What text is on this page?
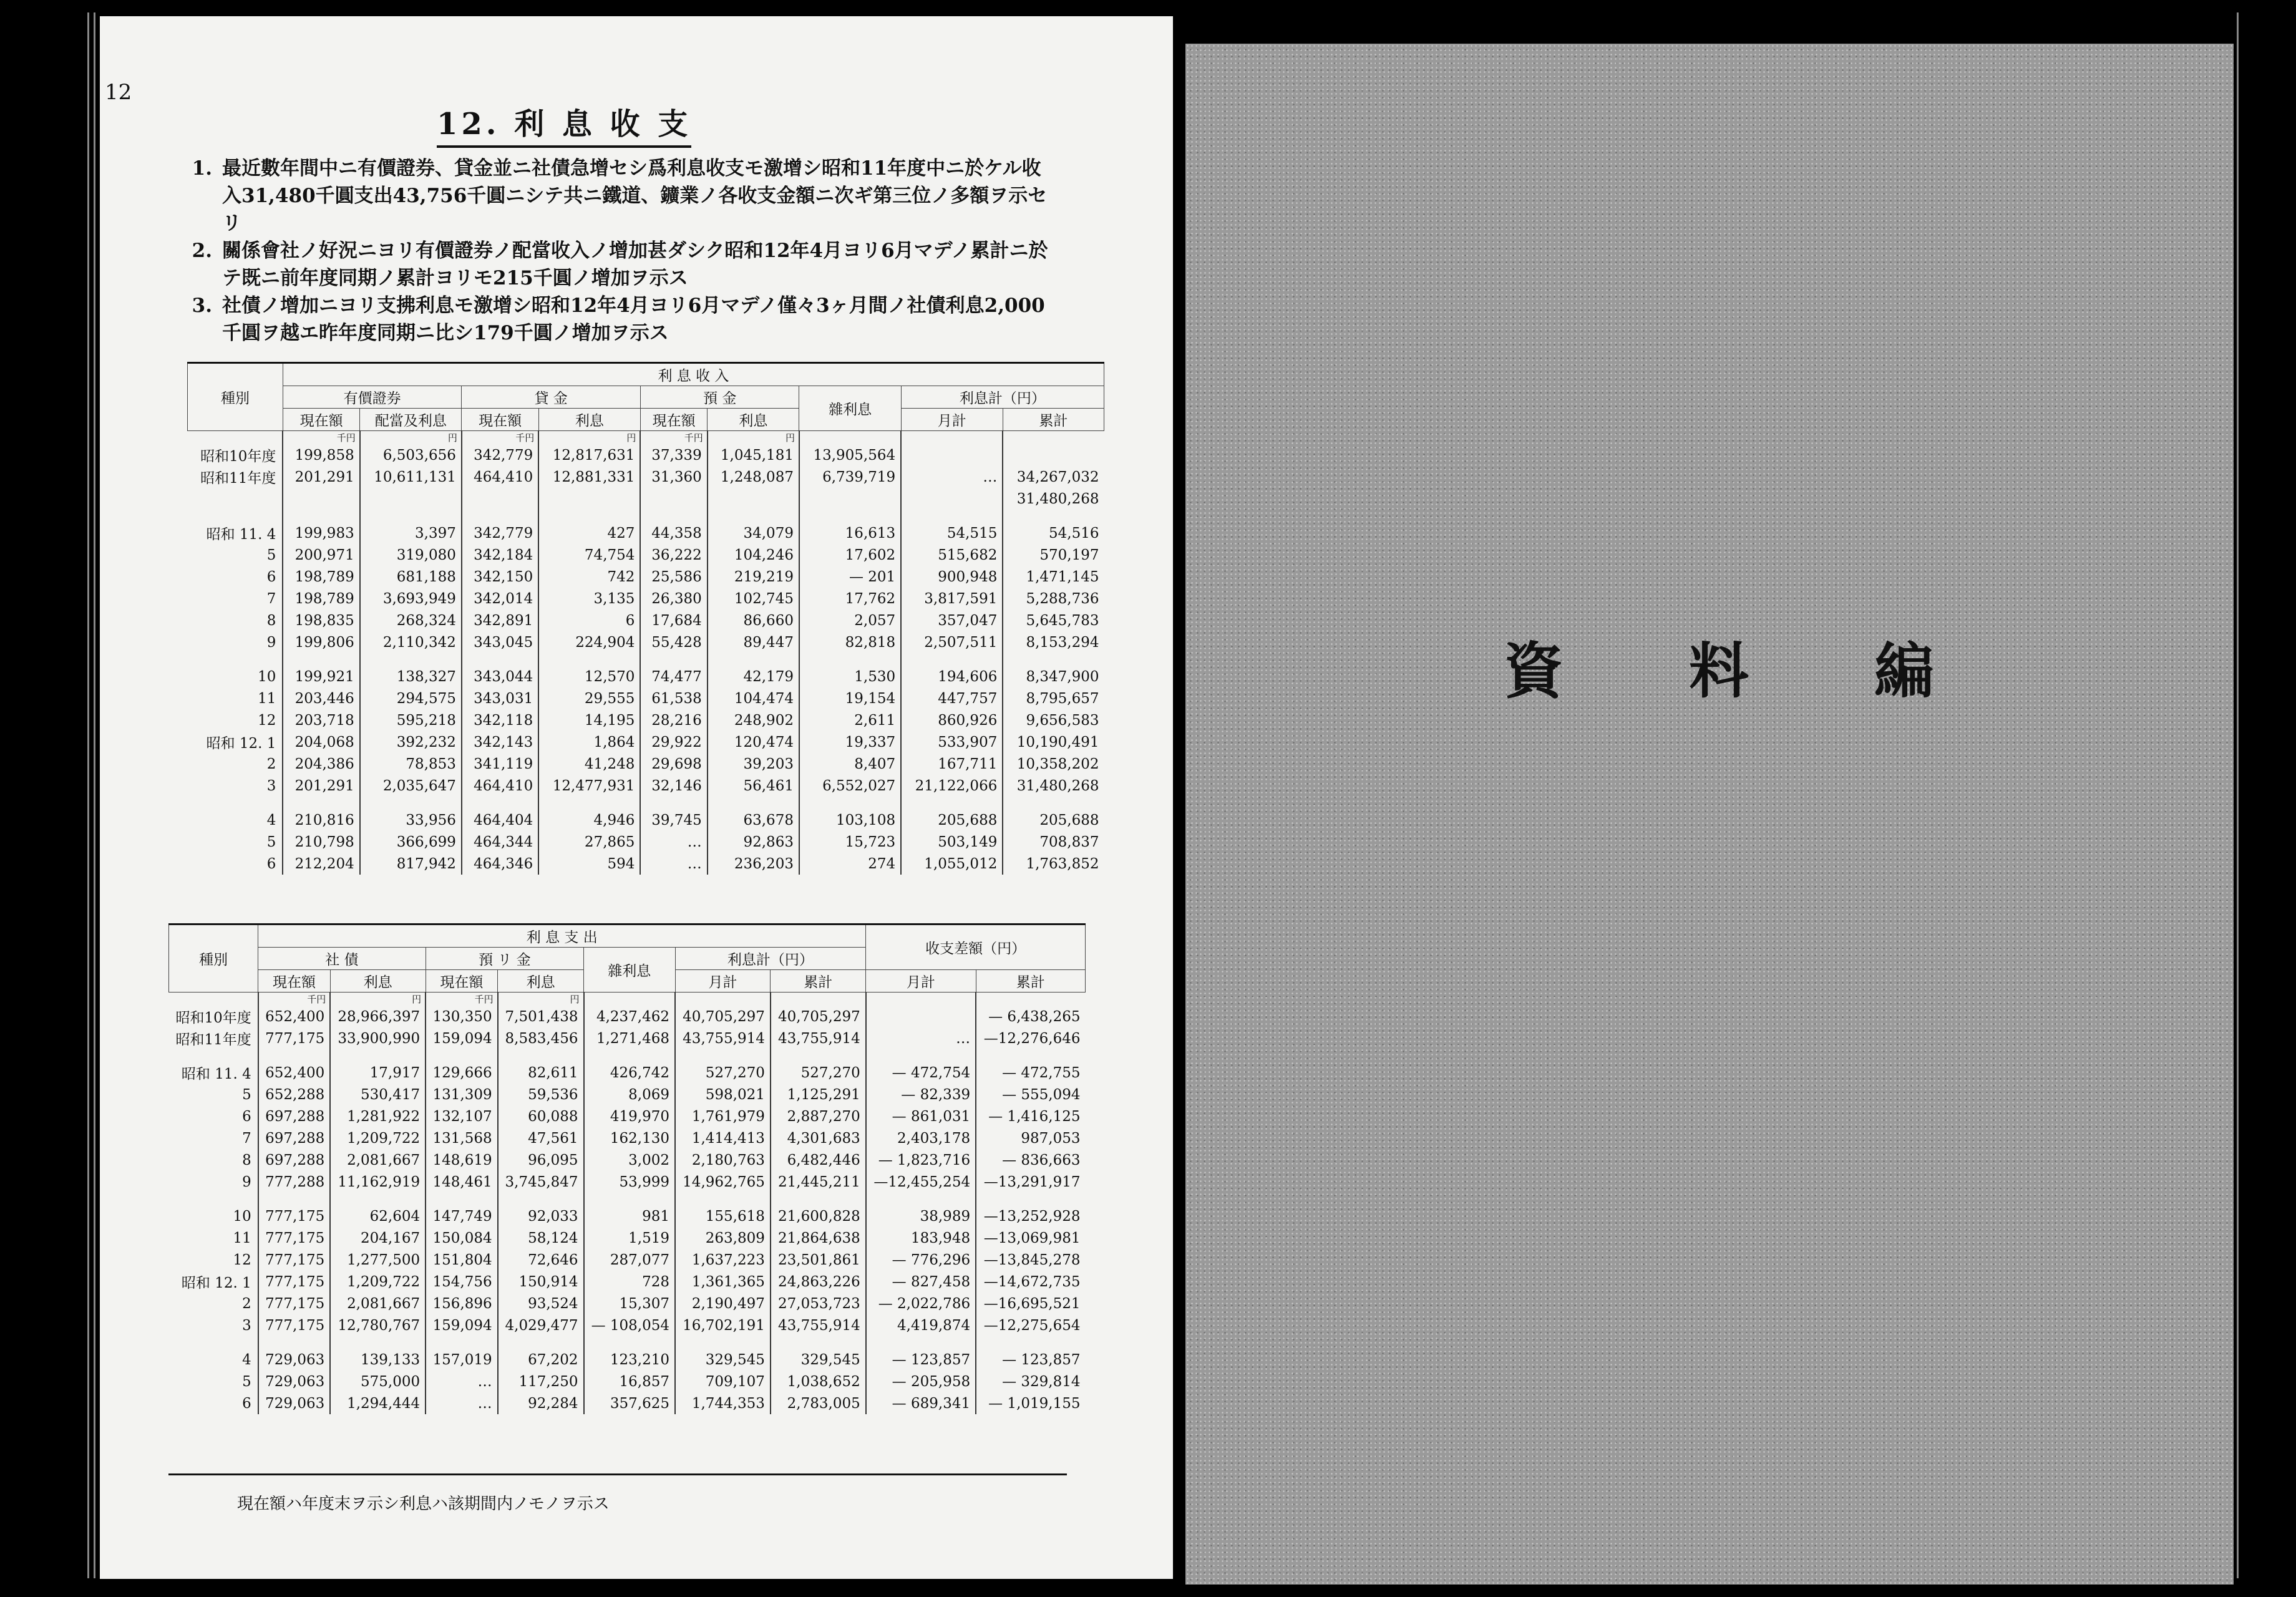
12
12. 利 息 收 支
1. 最近數年間中ニ有價證券、貸金並ニ社債急增セシ爲利息收支モ激增シ昭和11年度中ニ於ケル收入31,480千圓支出43,756千圓ニシテ共ニ鐵道、鑛業ノ各收支金額ニ次ギ第三位ノ多額ヲ示セリ
2. 關係會社ノ好況ニヨリ有價證券ノ配當收入ノ增加甚ダシク昭和12年4月ヨリ6月マデノ累計ニ於テ既ニ前年度同期ノ累計ヨリモ215千圓ノ增加ヲ示ス
3. 社債ノ增加ニヨリ支拂利息モ激增シ昭和12年4月ヨリ6月マデノ僅々3ヶ月間ノ社債利息2,000千圓ヲ越エ昨年度同期ニ比シ179千圓ノ增加ヲ示ス
種別	利 息 收 入								
	有價證券		貸 金		預 金		雜利息	利息計（円）	
	現在額	配當及利息	現在額	利息	現在額	利息		月計	累計
	千円	円	千円	円	千円	円			
昭和10年度	199,858	6,503,656	342,779	12,817,631	37,339	1,045,181	13,905,564		
昭和11年度	201,291	10,611,131	464,410	12,881,331	31,360	1,248,087	6,739,719	…	34,267,032
									31,480,268
昭和 11. 4	199,983	3,397	342,779	427	44,358	34,079	16,613	54,515	54,516
5	200,971	319,080	342,184	74,754	36,222	104,246	17,602	515,682	570,197
6	198,789	681,188	342,150	742	25,586	219,219	— 201	900,948	1,471,145
7	198,789	3,693,949	342,014	3,135	26,380	102,745	17,762	3,817,591	5,288,736
8	198,835	268,324	342,891	6	17,684	86,660	2,057	357,047	5,645,783
9	199,806	2,110,342	343,045	224,904	55,428	89,447	82,818	2,507,511	8,153,294
10	199,921	138,327	343,044	12,570	74,477	42,179	1,530	194,606	8,347,900
11	203,446	294,575	343,031	29,555	61,538	104,474	19,154	447,757	8,795,657
12	203,718	595,218	342,118	14,195	28,216	248,902	2,611	860,926	9,656,583
昭和 12. 1	204,068	392,232	342,143	1,864	29,922	120,474	19,337	533,907	10,190,491
2	204,386	78,853	341,119	41,248	29,698	39,203	8,407	167,711	10,358,202
3	201,291	2,035,647	464,410	12,477,931	32,146	56,461	6,552,027	21,122,066	31,480,268
4	210,816	33,956	464,404	4,946	39,745	63,678	103,108	205,688	205,688
5	210,798	366,699	464,344	27,865	…	92,863	15,723	503,149	708,837
6	212,204	817,942	464,346	594	…	236,203	274	1,055,012	1,763,852
種別	利 息 支 出							收支差額（円）	
	社 債		預 リ 金		雜利息	利息計（円）			
	現在額	利息	現在額	利息		月計	累計	月計	累計
	千円	円	千円	円					
昭和10年度	652,400	28,966,397	130,350	7,501,438	4,237,462	40,705,297	40,705,297		— 6,438,265
昭和11年度	777,175	33,900,990	159,094	8,583,456	1,271,468	43,755,914	43,755,914	…	—12,276,646
昭和 11. 4	652,400	17,917	129,666	82,611	426,742	527,270	527,270	— 472,754	— 472,755
5	652,288	530,417	131,309	59,536	8,069	598,021	1,125,291	— 82,339	— 555,094
6	697,288	1,281,922	132,107	60,088	419,970	1,761,979	2,887,270	— 861,031	— 1,416,125
7	697,288	1,209,722	131,568	47,561	162,130	1,414,413	4,301,683	2,403,178	987,053
8	697,288	2,081,667	148,619	96,095	3,002	2,180,763	6,482,446	— 1,823,716	— 836,663
9	777,288	11,162,919	148,461	3,745,847	53,999	14,962,765	21,445,211	—12,455,254	—13,291,917
10	777,175	62,604	147,749	92,033	981	155,618	21,600,828	38,989	—13,252,928
11	777,175	204,167	150,084	58,124	1,519	263,809	21,864,638	183,948	—13,069,981
12	777,175	1,277,500	151,804	72,646	287,077	1,637,223	23,501,861	— 776,296	—13,845,278
昭和 12. 1	777,175	1,209,722	154,756	150,914	728	1,361,365	24,863,226	— 827,458	—14,672,735
2	777,175	2,081,667	156,896	93,524	15,307	2,190,497	27,053,723	— 2,022,786	—16,695,521
3	777,175	12,780,767	159,094	4,029,477	— 108,054	16,702,191	43,755,914	4,419,874	—12,275,654
4	729,063	139,133	157,019	67,202	123,210	329,545	329,545	— 123,857	— 123,857
5	729,063	575,000	…	117,250	16,857	709,107	1,038,652	— 205,958	— 329,814
6	729,063	1,294,444	…	92,284	357,625	1,744,353	2,783,005	— 689,341	— 1,019,155
現在額ハ年度末ヲ示シ利息ハ該期間内ノモノヲ示ス
資 料 編
